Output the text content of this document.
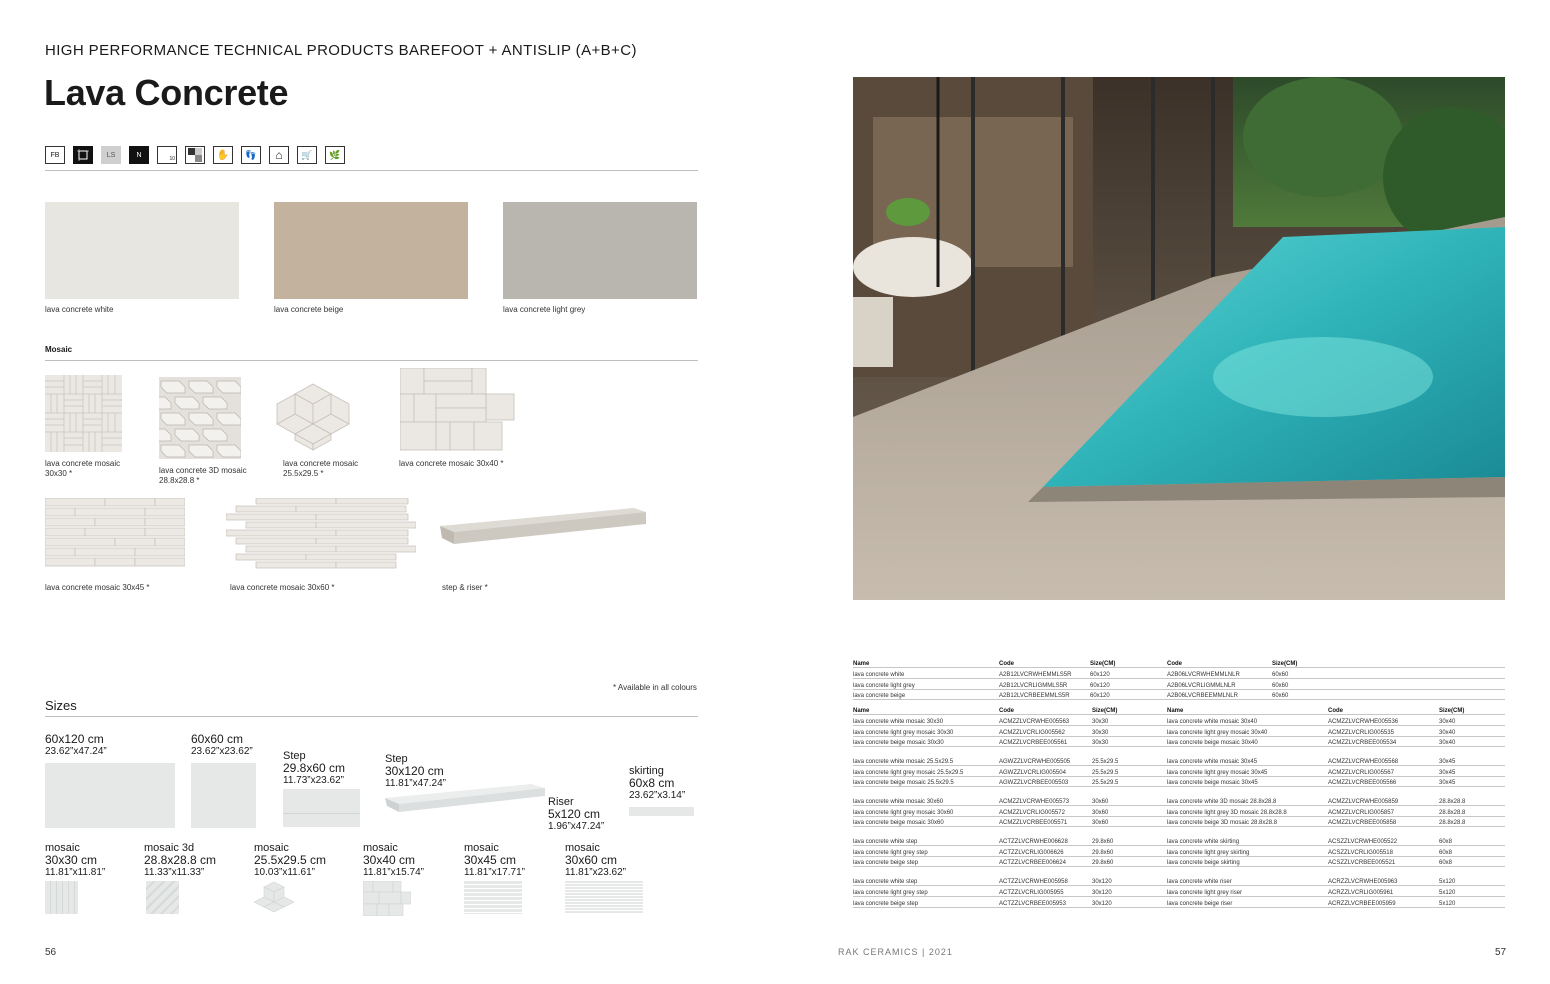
HIGH PERFORMANCE TECHNICAL PRODUCTS BAREFOOT + ANTISLIP (A+B+C)
Lava Concrete
FB	LS	N
10	✋	👣	⌂	🛒	🌿
lava concrete white	lava concrete beige	lava concrete light grey
Mosaic
lava concrete mosaic
30x30 *	lava concrete 3D mosaic
28.8x28.8 *
lava concrete mosaic
25.5x29.5 *
lava concrete mosaic 30x40 *
lava concrete mosaic 30x45 *	lava concrete mosaic 30x60 *	step & riser *
* Available in all colours
Sizes
60x120 cm
23.62”x47.24”
60x60 cm
23.62”x23.62”	Step
29.8x60 cm
11.73”x23.62”
Step
30x120 cm
11.81”x47.24”
Riser
5x120 cm
1.96”x47.24”
skirting
60x8 cm
23.62”x3.14”
mosaic
30x30 cm
11.81”x11.81”
mosaic 3d
28.8x28.8 cm
11.33”x11.33”
mosaic
25.5x29.5 cm
10.03”x11.61”
mosaic
30x40 cm
11.81”x15.74”
mosaic
30x45 cm
11.81”x17.71”
mosaic
30x60 cm
11.81”x23.62”
56
Name	Code	Size(CM)	Code	Size(CM)
lava concrete white	A2B12LVCRWHEMMLS5R	60x120	A2B06LVCRWHEMMLNLR	60x60
lava concrete light grey	A2B12LVCRLIGMMLS5R	60x120	A2B06LVCRLIGMMLNLR	60x60
lava concrete beige	A2B12LVCRBEEMMLS5R	60x120	A2B06LVCRBEEMMLNLR	60x60
Name	Code	Size(CM)	Name	Code	Size(CM)
lava concrete white mosaic 30x30	ACMZZLVCRWHE005563	30x30	lava concrete white mosaic 30x40	ACMZZLVCRWHE005536	30x40
lava concrete light grey mosaic 30x30	ACMZZLVCRLIG005562	30x30	lava concrete light grey mosaic 30x40	ACMZZLVCRLIG005535	30x40
lava concrete beige mosaic 30x30	ACMZZLVCRBEE005561	30x30	lava concrete beige mosaic 30x40	ACMZZLVCRBEE005534	30x40

lava concrete white mosaic 25.5x29.5	AGWZZLVCRWHE005505	25.5x29.5	lava concrete white mosaic 30x45	ACMZZLVCRWHE005568	30x45
lava concrete light grey mosaic 25.5x29.5	AGWZZLVCRLIG005504	25.5x29.5	lava concrete light grey mosaic 30x45	ACMZZLVCRLIG005567	30x45
lava concrete beige mosaic 25.5x29.5	AGWZZLVCRBEE005503	25.5x29.5	lava concrete beige mosaic 30x45	ACMZZLVCRBEE005566	30x45

lava concrete white mosaic 30x60	ACMZZLVCRWHE005573	30x60	lava concrete white 3D mosaic 28.8x28.8	ACMZZLVCRWHE005859	28.8x28.8
lava concrete light grey mosaic 30x60	ACMZZLVCRLIG005572	30x60	lava concrete light grey 3D mosaic 28.8x28.8	ACMZZLVCRLIG005857	28.8x28.8
lava concrete beige mosaic 30x60	ACMZZLVCRBEE005571	30x60	lava concrete beige 3D mosaic 28.8x28.8	ACMZZLVCRBEE005858	28.8x28.8

lava concrete white step	ACTZZLVCRWHE006628	29.8x60	lava concrete white skirting	ACSZZLVCRWHE005522	60x8
lava concrete light grey step	ACTZZLVCRLIG006626	29.8x60	lava concrete light grey skirting	ACSZZLVCRLIG005518	60x8
lava concrete beige step	ACTZZLVCRBEE006624	29.8x60	lava concrete beige skirting	ACSZZLVCRBEE005521	60x8

lava concrete white step	ACTZZLVCRWHE005958	30x120	lava concrete white riser	ACRZZLVCRWHE005963	5x120
lava concrete light grey step	ACTZZLVCRLIG005955	30x120	lava concrete light grey riser	ACRZZLVCRLIG005961	5x120
lava concrete beige step	ACTZZLVCRBEE005953	30x120	lava concrete beige riser	ACRZZLVCRBEE005959	5x120
RAK CERAMICS | 2021	57
